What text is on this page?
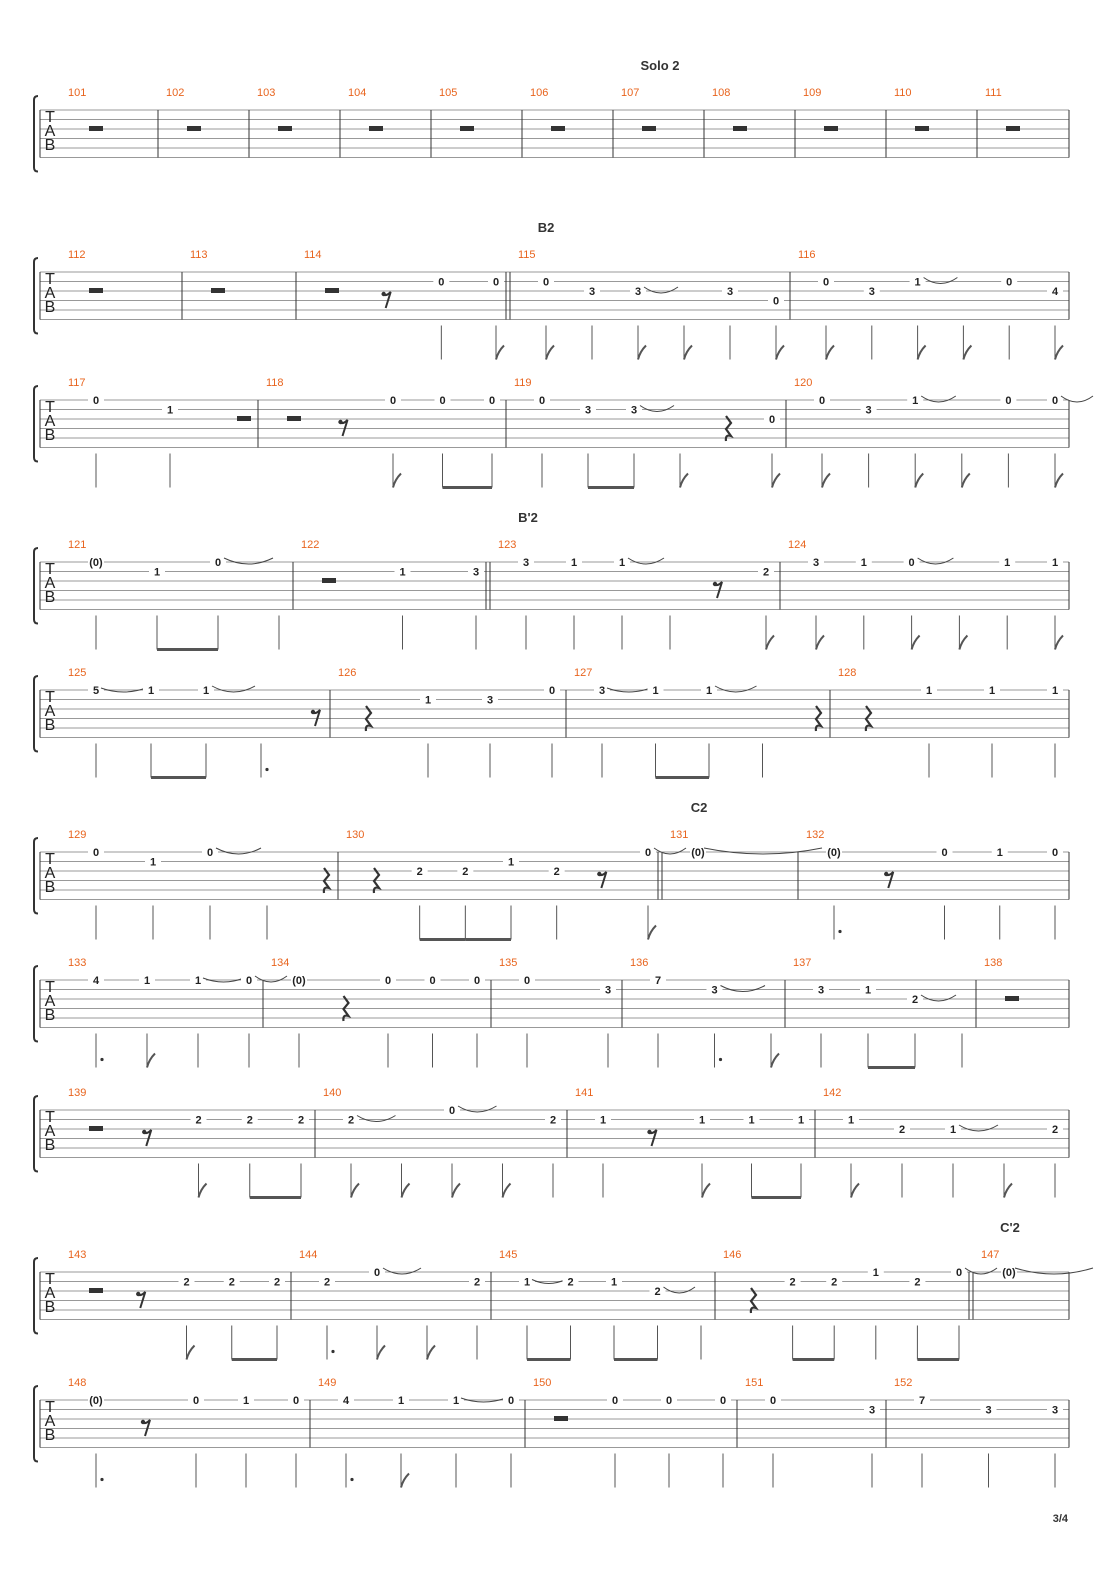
3/4
T
A
B
Solo 2
101	102	103	104	105	106	107	108	109	110	111
T
A
B
B2
112	113	114
0	0
115
0
3	3	3
0
116
0
3
1	0
4
T
A
B
117
0
1
118
0	0	0
119
0
3	3
0
120
0
3
1	0	0
T
A
B
B'2
121
(0)
1
0
122
1	3
123
3	1	1
2
124
3	1	0	1	1
T
A
B
125
5	1	1
126
1	3
0
127
3	1	1
128
1	1	1
T
A
B
C2
129
0
1
0
130
2	2
1
2
0
131
(0)
132
(0)	0	1	0
T
A
B
133
4	1	1	0
134
(0)	0	0	0
135
0
3
136
7
3
137
3	1
2
138
T
A
B
139
2	2	2
140
2
0
2
141
1	1	1	1
142
1
2	1	2
T
A
B
C'2
143
2	2	2
144
2
0
2
145
1	2	1
2
146
2	2
1
2
0
147
(0)
T
A
B
148
(0)	0	1	0
149
4	1	1	0
150
0	0	0
151
0
3
152
7
3	3
